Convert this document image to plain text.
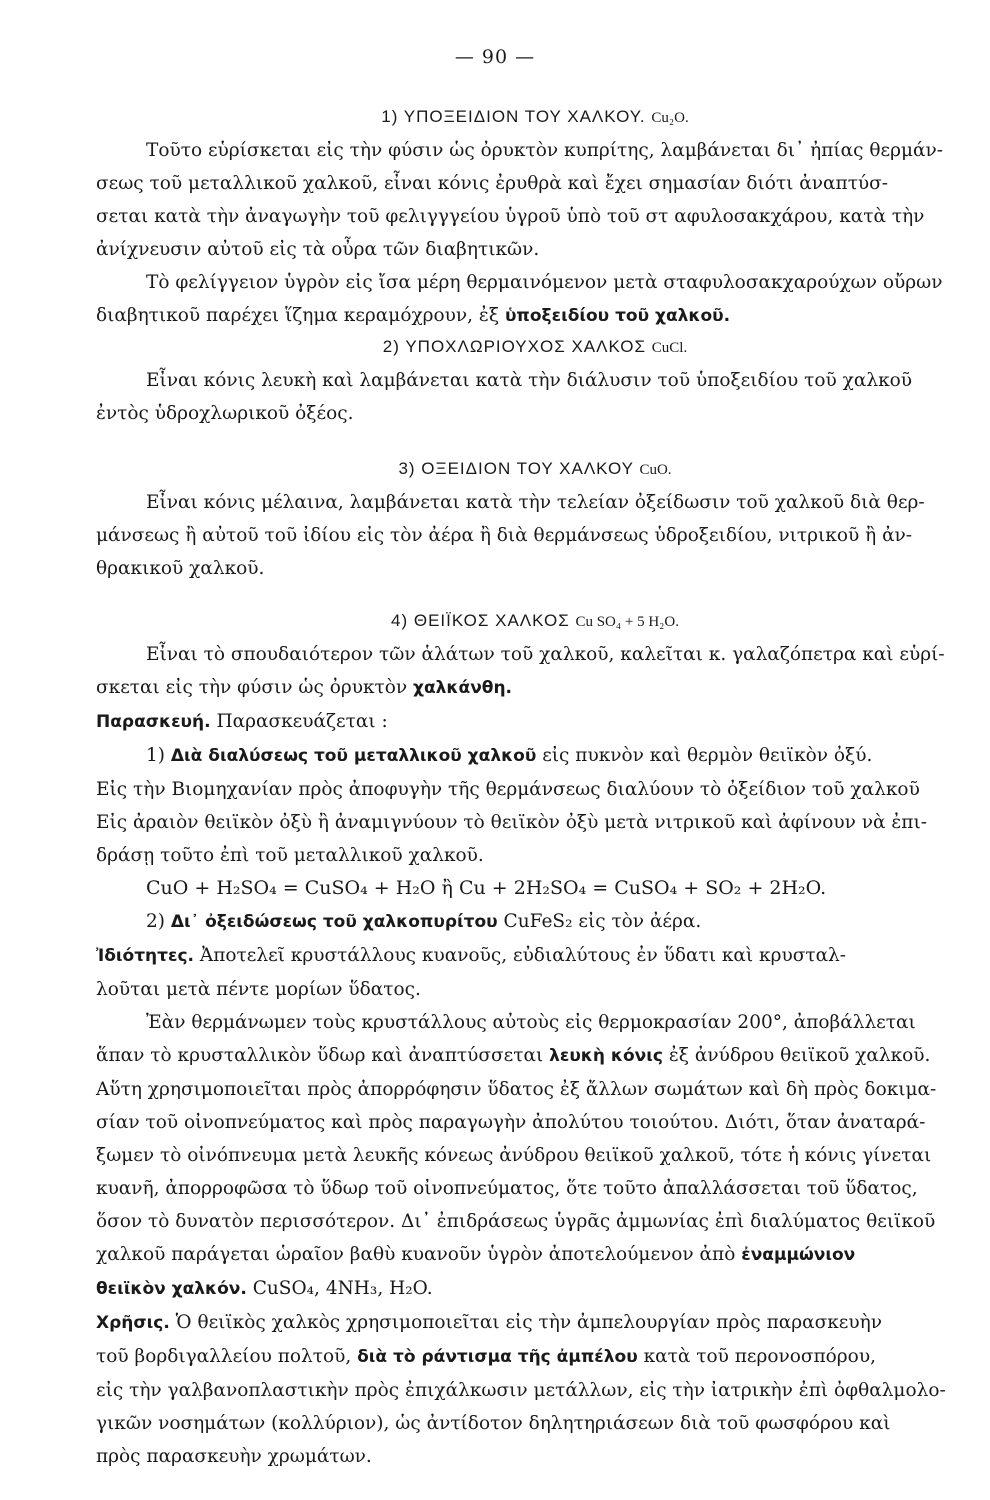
— 90 —
1) ΥΠΟΞΕΙΔΙΟΝ ΤΟΥ ΧΑΛΚΟΥ. Cu₂O.

Τοῦτο εὑρίσκεται εἰς τὴν φύσιν ὡς ὀρυκτὸν κυπρίτης, λαμβάνεται δι᾽ ἠπίας θερμάν-
σεως τοῦ μεταλλικοῦ χαλκοῦ, εἶναι κόνις ἐρυθρὰ καὶ ἔχει σημασίαν διότι ἀναπτύσ-
σεται κατὰ τὴν ἀναγωγὴν τοῦ φελιγγγείου ὑγροῦ ὑπὸ τοῦ στ αφυλοσακχάρου, κατὰ τὴν
ἀνίχνευσιν αὐτοῦ εἰς τὰ οὖρα τῶν διαβητικῶν.
Τὸ φελίγγειον ὑγρὸν εἰς ἴσα μέρη θερμαινόμενον μετὰ σταφυλοσακχαρούχων οὔρων
διαβητικοῦ παρέχει ἵζημα κεραμόχρουν, ἐξ ὑποξειδίου τοῦ χαλκοῦ.

2) ΥΠΟΧΛΩΡΙΟΥΧΟΣ ΧΑΛΚΟΣ CuCl.

Εἶναι κόνις λευκὴ καὶ λαμβάνεται κατὰ τὴν διάλυσιν τοῦ ὑποξειδίου τοῦ χαλκοῦ
ἐντὸς ὑδροχλωρικοῦ ὀξέος.

3) ΟΞΕΙΔΙΟΝ ΤΟΥ ΧΑΛΚΟΥ CuO.

Εἶναι κόνις μέλαινα, λαμβάνεται κατὰ τὴν τελείαν ὀξείδωσιν τοῦ χαλκοῦ διὰ θερ-
μάνσεως ἢ αὐτοῦ τοῦ ἰδίου εἰς τὸν ἀέρα ἢ διὰ θερμάνσεως ὑδροξειδίου, νιτρικοῦ ἢ ἀν-
θρακικοῦ χαλκοῦ.

4) ΘΕΙΪΚΟΣ ΧΑΛΚΟΣ Cu SO₄ + 5 H₂O.

Εἶναι τὸ σπουδαιότερον τῶν ἁλάτων τοῦ χαλκοῦ, καλεῖται κ. γαλαζόπετρα καὶ εὑρί-
σκεται εἰς τὴν φύσιν ὡς ὀρυκτὸν χαλκάνθη.
Παρασκευή. Παρασκευάζεται :
1) Διὰ διαλύσεως τοῦ μεταλλικοῦ χαλκοῦ εἰς πυκνὸν καὶ θερμὸν θειϊκὸν ὀξύ.
Εἰς τὴν Βιομηχανίαν πρὸς ἀποφυγὴν τῆς θερμάνσεως διαλύουν τὸ ὀξείδιον τοῦ χαλκοῦ
Εἰς ἀραιὸν θειϊκὸν ὀξὺ ἢ ἀναμιγνύουν τὸ θειϊκὸν ὀξὺ μετὰ νιτρικοῦ καὶ ἀφίνουν νὰ ἐπι-
δράσῃ τοῦτο ἐπὶ τοῦ μεταλλικοῦ χαλκοῦ.
CuO + H₂SO₄ = CuSO₄ + H₂O ἢ Cu + 2H₂SO₄ = CuSO₄ + SO₂ + 2H₂O.
2) Δι᾽ ὀξειδώσεως τοῦ χαλκοπυρίτου CuFeS₂ εἰς τὸν ἀέρα.
Ἰδιότητες. Ἀποτελεῖ κρυστάλλους κυανοῦς, εὐδιαλύτους ἐν ὕδατι καὶ κρυσταλ-
λοῦται μετὰ πέντε μορίων ὕδατος.
Ἐὰν θερμάνωμεν τοὺς κρυστάλλους αὐτοὺς εἰς θερμοκρασίαν 200°, ἀποβάλλεται
ἅπαν τὸ κρυσταλλικὸν ὕδωρ καὶ ἀναπτύσσεται λευκὴ κόνις ἐξ ἀνύδρου θειϊκοῦ χαλκοῦ.
Αὕτη χρησιμοποιεῖται πρὸς ἀπορρόφησιν ὕδατος ἐξ ἄλλων σωμάτων καὶ δὴ πρὸς δοκιμα-
σίαν τοῦ οἰνοπνεύματος καὶ πρὸς παραγωγὴν ἀπολύτου τοιούτου. Διότι, ὅταν ἀναταρά-
ξωμεν τὸ οἰνόπνευμα μετὰ λευκῆς κόνεως ἀνύδρου θειϊκοῦ χαλκοῦ, τότε ἡ κόνις γίνεται
κυανῆ, ἀπορροφῶσα τὸ ὕδωρ τοῦ οἰνοπνεύματος, ὅτε τοῦτο ἀπαλλάσσεται τοῦ ὕδατος,
ὅσον τὸ δυνατὸν περισσότερον. Δι᾽ ἐπιδράσεως ὑγρᾶς ἀμμωνίας ἐπὶ διαλύματος θειϊκοῦ
χαλκοῦ παράγεται ὡραῖον βαθὺ κυανοῦν ὑγρὸν ἀποτελούμενον ἀπὸ ἐναμμώνιον
θειϊκὸν χαλκόν. CuSO₄, 4NH₃, H₂O.
Χρῆσις. Ὁ θειϊκὸς χαλκὸς χρησιμοποιεῖται εἰς τὴν ἀμπελουργίαν πρὸς παρασκευὴν
τοῦ βορδιγαλλείου πολτοῦ, διὰ τὸ ράντισμα τῆς ἀμπέλου κατὰ τοῦ περονοσπόρου,
εἰς τὴν γαλβανοπλαστικὴν πρὸς ἐπιχάλκωσιν μετάλλων, εἰς τὴν ἰατρικὴν ἐπὶ ὀφθαλμολο-
γικῶν νοσημάτων (κολλύριον), ὡς ἀντίδοτον δηλητηριάσεων διὰ τοῦ φωσφόρου καὶ
πρὸς παρασκευὴν χρωμάτων.
